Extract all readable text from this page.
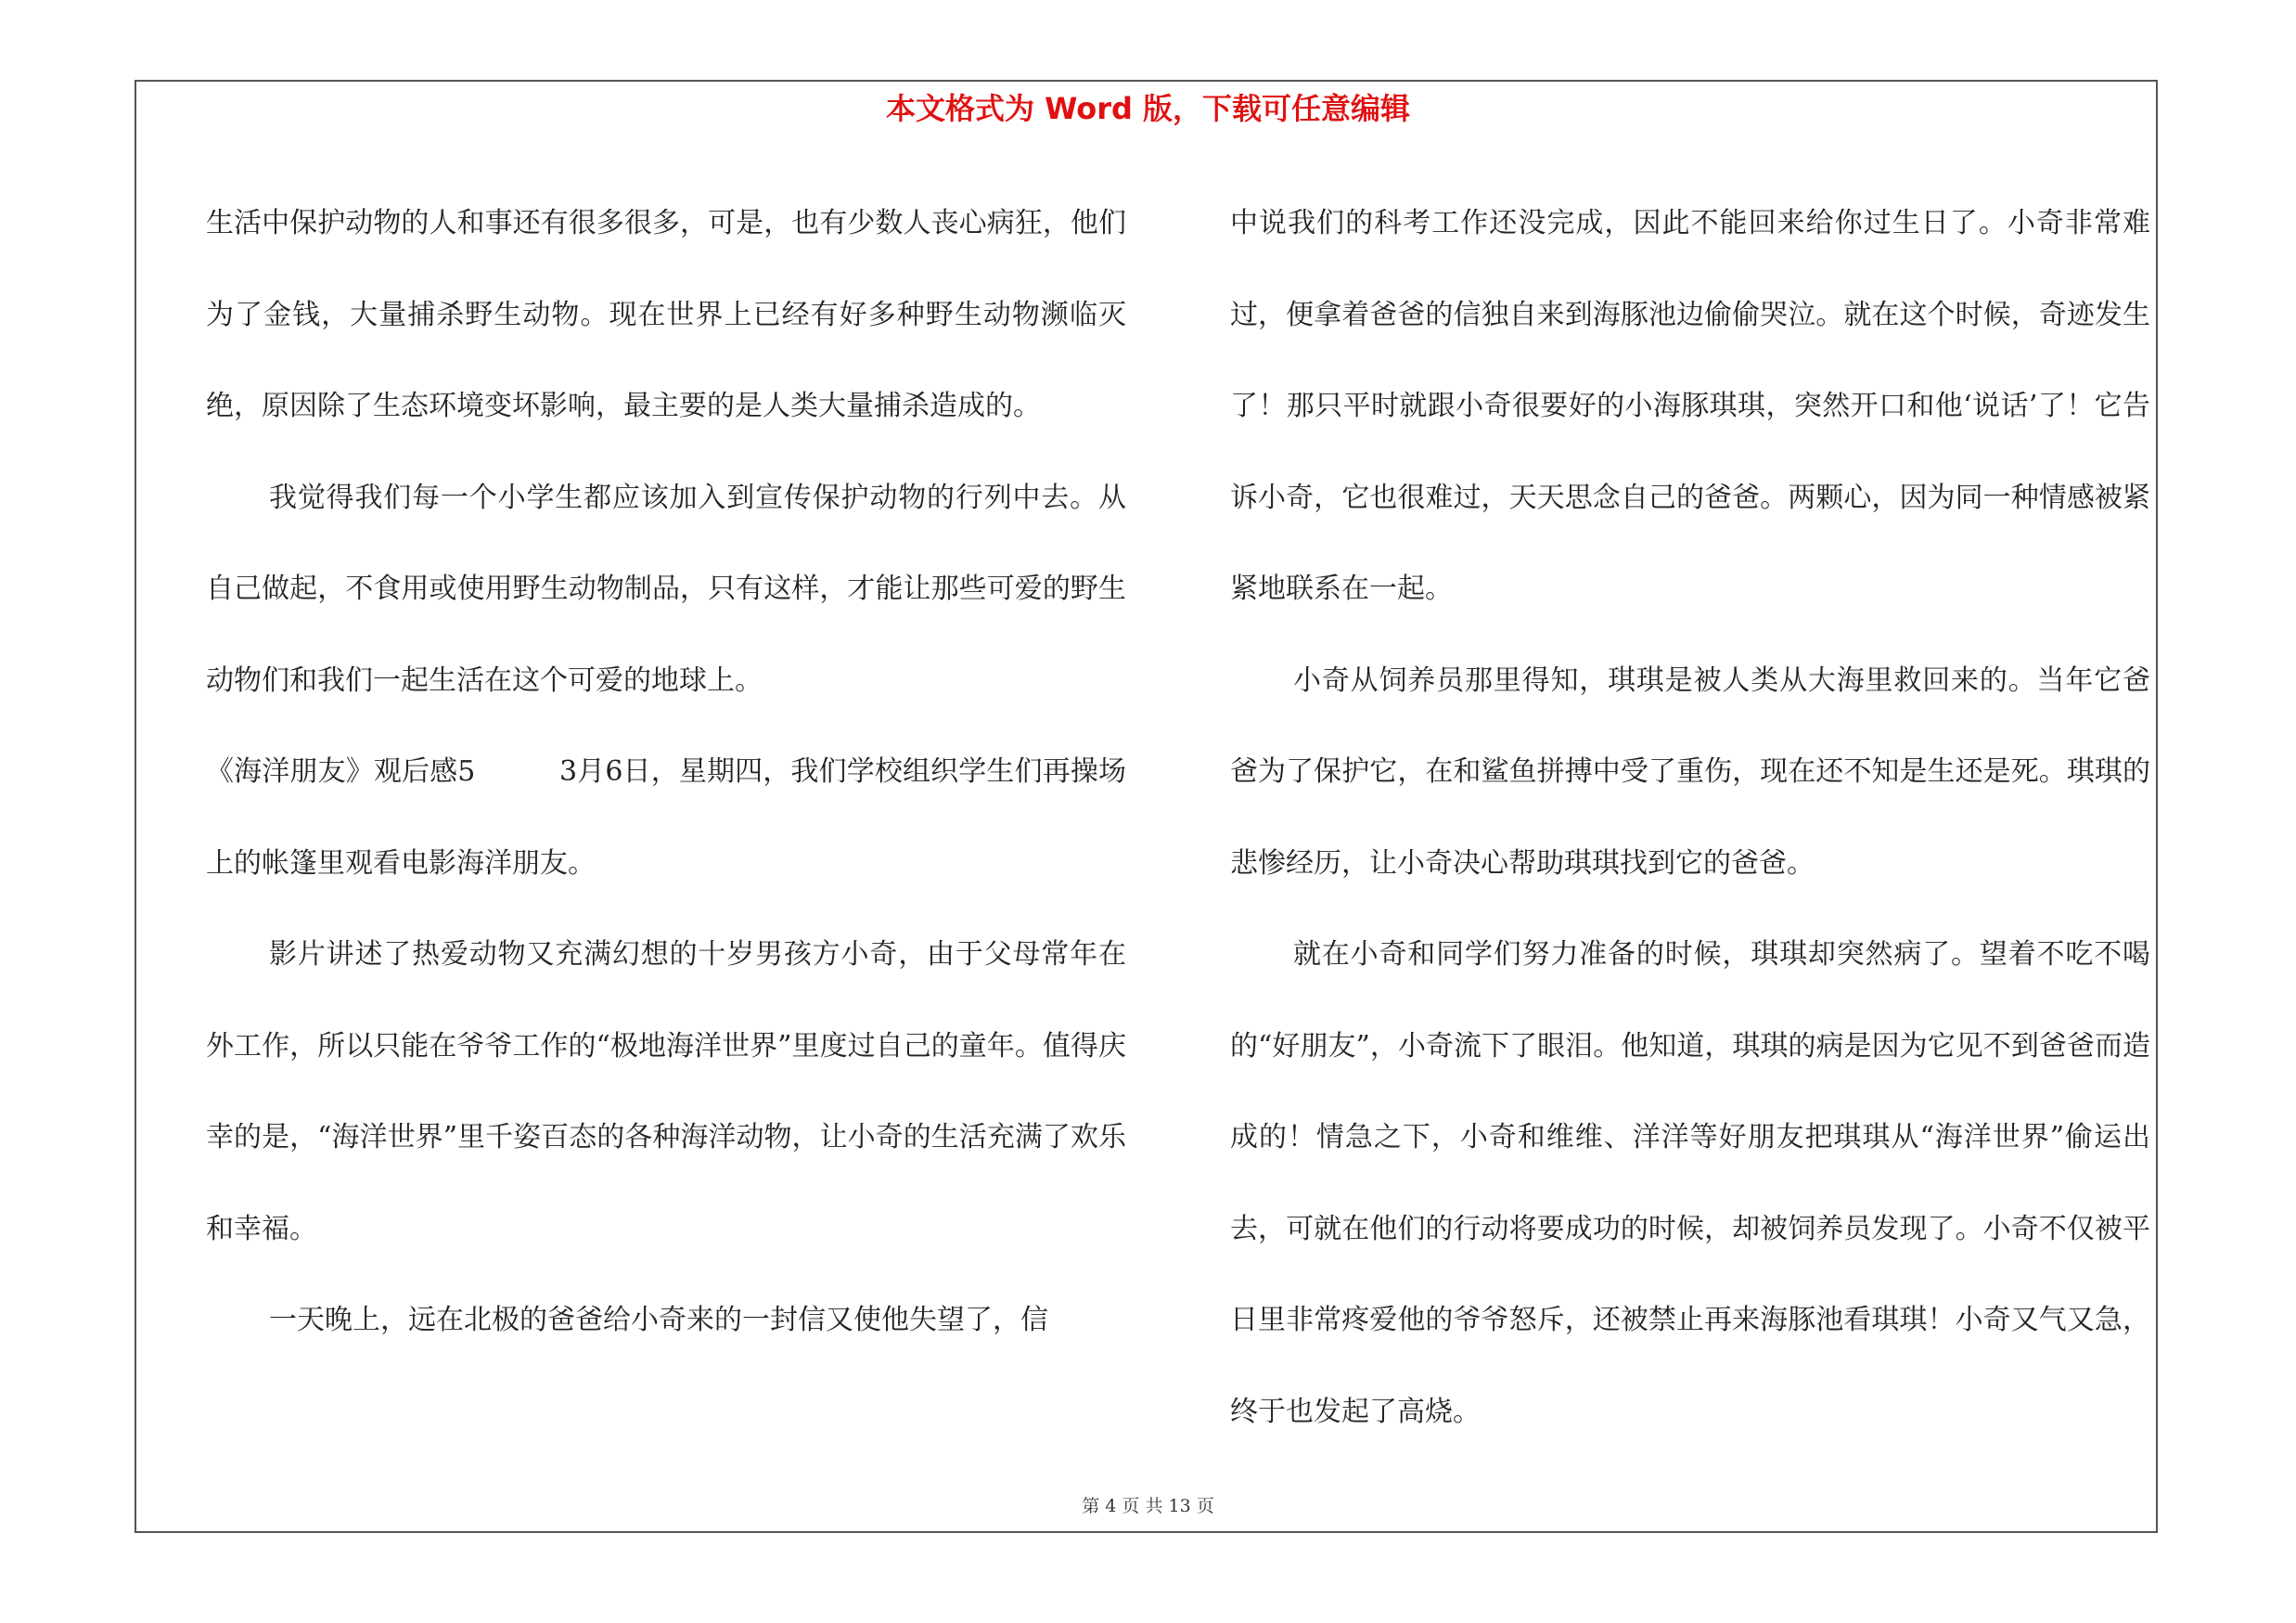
本文格式为 Word 版，下载可任意编辑

生活中保护动物的人和事还有很多很多，可是，也有少数人丧心病狂，他们为了金钱，大量捕杀野生动物。现在世界上已经有好多种野生动物濒临灭绝，原因除了生态环境变坏影响，最主要的是人类大量捕杀造成的。

我觉得我们每一个小学生都应该加入到宣传保护动物的行列中去。从自己做起，不食用或使用野生动物制品，只有这样，才能让那些可爱的野生动物们和我们一起生活在这个可爱的地球上。

《海洋朋友》观后感5　　　3月6日，星期四，我们学校组织学生们再操场上的帐篷里观看电影海洋朋友。

影片讲述了热爱动物又充满幻想的十岁男孩方小奇，由于父母常年在外工作，所以只能在爷爷工作的“极地海洋世界”里度过自己的童年。值得庆幸的是，“海洋世界”里千姿百态的各种海洋动物，让小奇的生活充满了欢乐和幸福。

一天晚上，远在北极的爸爸给小奇来的一封信又使他失望了，信

中说我们的科考工作还没完成，因此不能回来给你过生日了。小奇非常难过，便拿着爸爸的信独自来到海豚池边偷偷哭泣。就在这个时候，奇迹发生了！那只平时就跟小奇很要好的小海豚琪琪，突然开口和他‘说话’了！它告诉小奇，它也很难过，天天思念自己的爸爸。两颗心，因为同一种情感被紧紧地联系在一起。

小奇从饲养员那里得知，琪琪是被人类从大海里救回来的。当年它爸爸为了保护它，在和鲨鱼拼搏中受了重伤，现在还不知是生还是死。琪琪的悲惨经历，让小奇决心帮助琪琪找到它的爸爸。

就在小奇和同学们努力准备的时候，琪琪却突然病了。望着不吃不喝的“好朋友”，小奇流下了眼泪。他知道，琪琪的病是因为它见不到爸爸而造成的！情急之下，小奇和维维、洋洋等好朋友把琪琪从“海洋世界”偷运出去，可就在他们的行动将要成功的时候，却被饲养员发现了。小奇不仅被平日里非常疼爱他的爷爷怒斥，还被禁止再来海豚池看琪琪！小奇又气又急，终于也发起了高烧。

第 4 页 共 13 页
